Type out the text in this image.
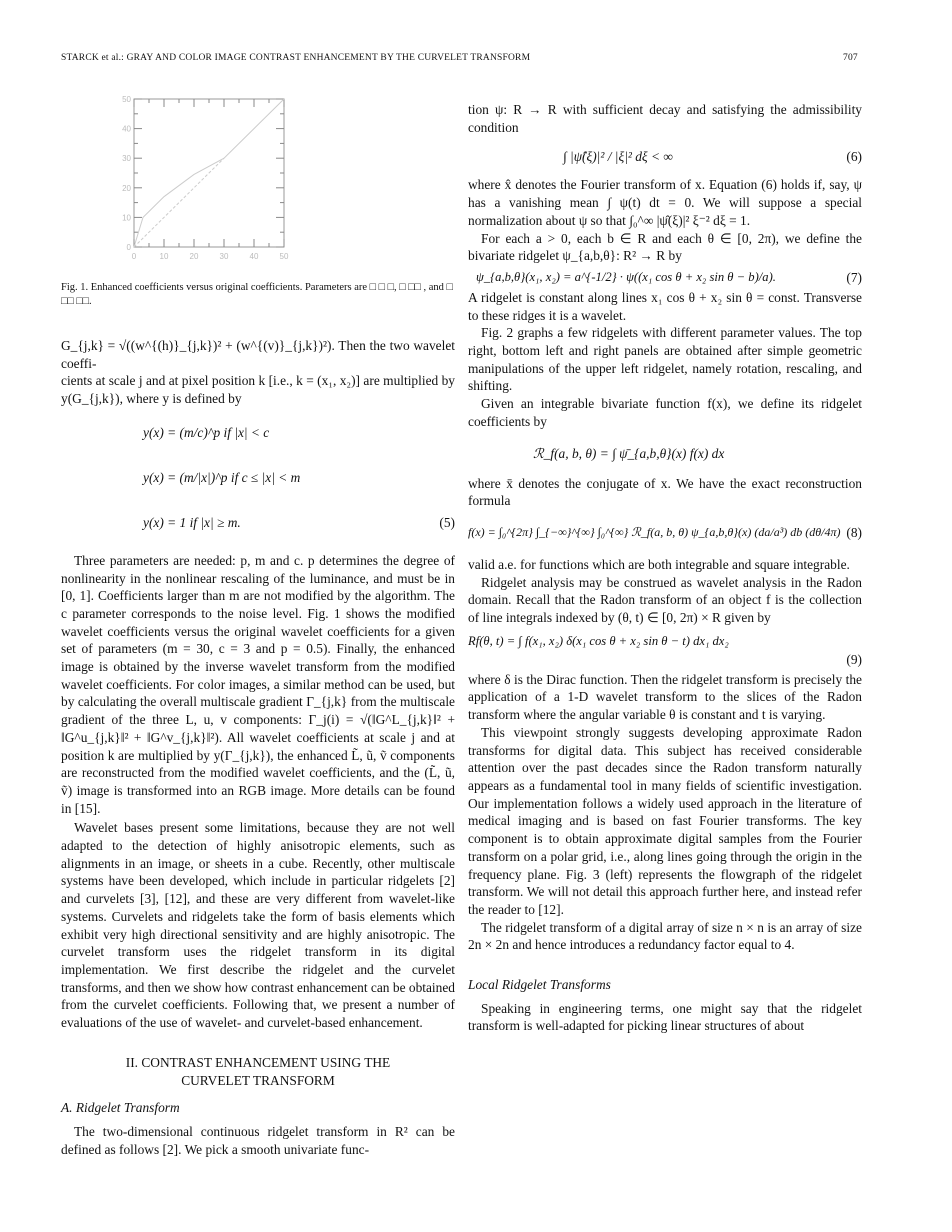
STARCK et al.: GRAY AND COLOR IMAGE CONTRAST ENHANCEMENT BY THE CURVELET TRANSFORM	707
0	10	20	30	40	50
0
10
20
30
40
50
Fig. 1. Enhanced coefficients versus original coefficients. Parameters are □ □ □, □ □□ , and □ □□ □□.

G_{j,k} = √((w^{(h)}_{j,k})² + (w^{(v)}_{j,k})²). Then the two wavelet coeffi-

cients at scale j and at pixel position k [i.e., k = (x₁, x₂)] are multiplied by y(G_{j,k}), where y is defined by

y(x) = (m/c)^p if |x| < c
y(x) = (m/|x|)^p if c ≤ |x| < m
y(x) = 1 if |x| ≥ m.	(5)

Three parameters are needed: p, m and c. p determines the degree of nonlinearity in the nonlinear rescaling of the luminance, and must be in [0, 1]. Coefficients larger than m are not modified by the algorithm. The c parameter corresponds to the noise level. Fig. 1 shows the modified wavelet coefficients versus the original wavelet coefficients for a given set of parameters (m = 30, c = 3 and p = 0.5). Finally, the enhanced image is obtained by the inverse wavelet transform from the modified wavelet coefficients. For color images, a similar method can be used, but by calculating the overall multiscale gradient Γ_{j,k} from the multiscale gradient of the three L, u, v components: Γ_j(i) = √(‖G^L_{j,k}‖² + ‖G^u_{j,k}‖² + ‖G^v_{j,k}‖²). All wavelet coefficients at scale j and at position k are multiplied by y(Γ_{j,k}), the enhanced L̃, ũ, ṽ components are reconstructed from the modified wavelet coefficients, and the (L̃, ũ, ṽ) image is transformed into an RGB image. More details can be found in [15].

Wavelet bases present some limitations, because they are not well adapted to the detection of highly anisotropic elements, such as alignments in an image, or sheets in a cube. Recently, other multiscale systems have been developed, which include in particular ridgelets [2] and curvelets [3], [12], and these are very different from wavelet-like systems. Curvelets and ridgelets take the form of basis elements which exhibit very high directional sensitivity and are highly anisotropic. The curvelet transform uses the ridgelet transform in its digital implementation. We first describe the ridgelet and the curvelet transforms, and then we show how contrast enhancement can be obtained from the curvelet coefficients. Following that, we present a number of evaluations of the use of wavelet- and curvelet-based enhancement.

II. CONTRAST ENHANCEMENT USING THE
CURVELET TRANSFORM
A. Ridgelet Transform

The two-dimensional continuous ridgelet transform in R² can be defined as follows [2]. We pick a smooth univariate func-

tion ψ: R → R with sufficient decay and satisfying the admissibility condition

∫ |ψ̂(ξ)|² / |ξ|² dξ < ∞	(6)

where x̂ denotes the Fourier transform of x. Equation (6) holds if, say, ψ has a vanishing mean ∫ ψ(t) dt = 0. We will suppose a special normalization about ψ so that ∫₀^∞ |ψ̂(ξ)|² ξ⁻² dξ = 1.

For each a > 0, each b ∈ R and each θ ∈ [0, 2π), we define the bivariate ridgelet ψ_{a,b,θ}: R² → R by

ψ_{a,b,θ}(x₁, x₂) = a^{-1/2} · ψ((x₁ cos θ + x₂ sin θ − b)/a).	(7)

A ridgelet is constant along lines x₁ cos θ + x₂ sin θ = const. Transverse to these ridges it is a wavelet.

Fig. 2 graphs a few ridgelets with different parameter values. The top right, bottom left and right panels are obtained after simple geometric manipulations of the upper left ridgelet, namely rotation, rescaling, and shifting.

Given an integrable bivariate function f(x), we define its ridgelet coefficients by

ℛ_f(a, b, θ) = ∫ ψ̄_{a,b,θ}(x) f(x) dx

where x̄ denotes the conjugate of x. We have the exact reconstruction formula

f(x) = ∫₀^{2π} ∫_{−∞}^{∞} ∫₀^{∞} ℛ_f(a, b, θ) ψ_{a,b,θ}(x) (da/a³) db (dθ/4π) (8)

valid a.e. for functions which are both integrable and square integrable.

Ridgelet analysis may be construed as wavelet analysis in the Radon domain. Recall that the Radon transform of an object f is the collection of line integrals indexed by (θ, t) ∈ [0, 2π) × R given by

Rf(θ, t) = ∫ f(x₁, x₂) δ(x₁ cos θ + x₂ sin θ − t) dx₁ dx₂
(9)

where δ is the Dirac function. Then the ridgelet transform is precisely the application of a 1-D wavelet transform to the slices of the Radon transform where the angular variable θ is constant and t is varying.

This viewpoint strongly suggests developing approximate Radon transforms for digital data. This subject has received considerable attention over the past decades since the Radon transform naturally appears as a fundamental tool in many fields of scientific investigation. Our implementation follows a widely used approach in the literature of medical imaging and is based on fast Fourier transforms. The key component is to obtain approximate digital samples from the Fourier transform on a polar grid, i.e., along lines going through the origin in the frequency plane. Fig. 3 (left) represents the flowgraph of the ridgelet transform. We will not detail this approach further here, and instead refer the reader to [12].

The ridgelet transform of a digital array of size n × n is an array of size 2n × 2n and hence introduces a redundancy factor equal to 4.

Local Ridgelet Transforms

Speaking in engineering terms, one might say that the ridgelet transform is well-adapted for picking linear structures of about
